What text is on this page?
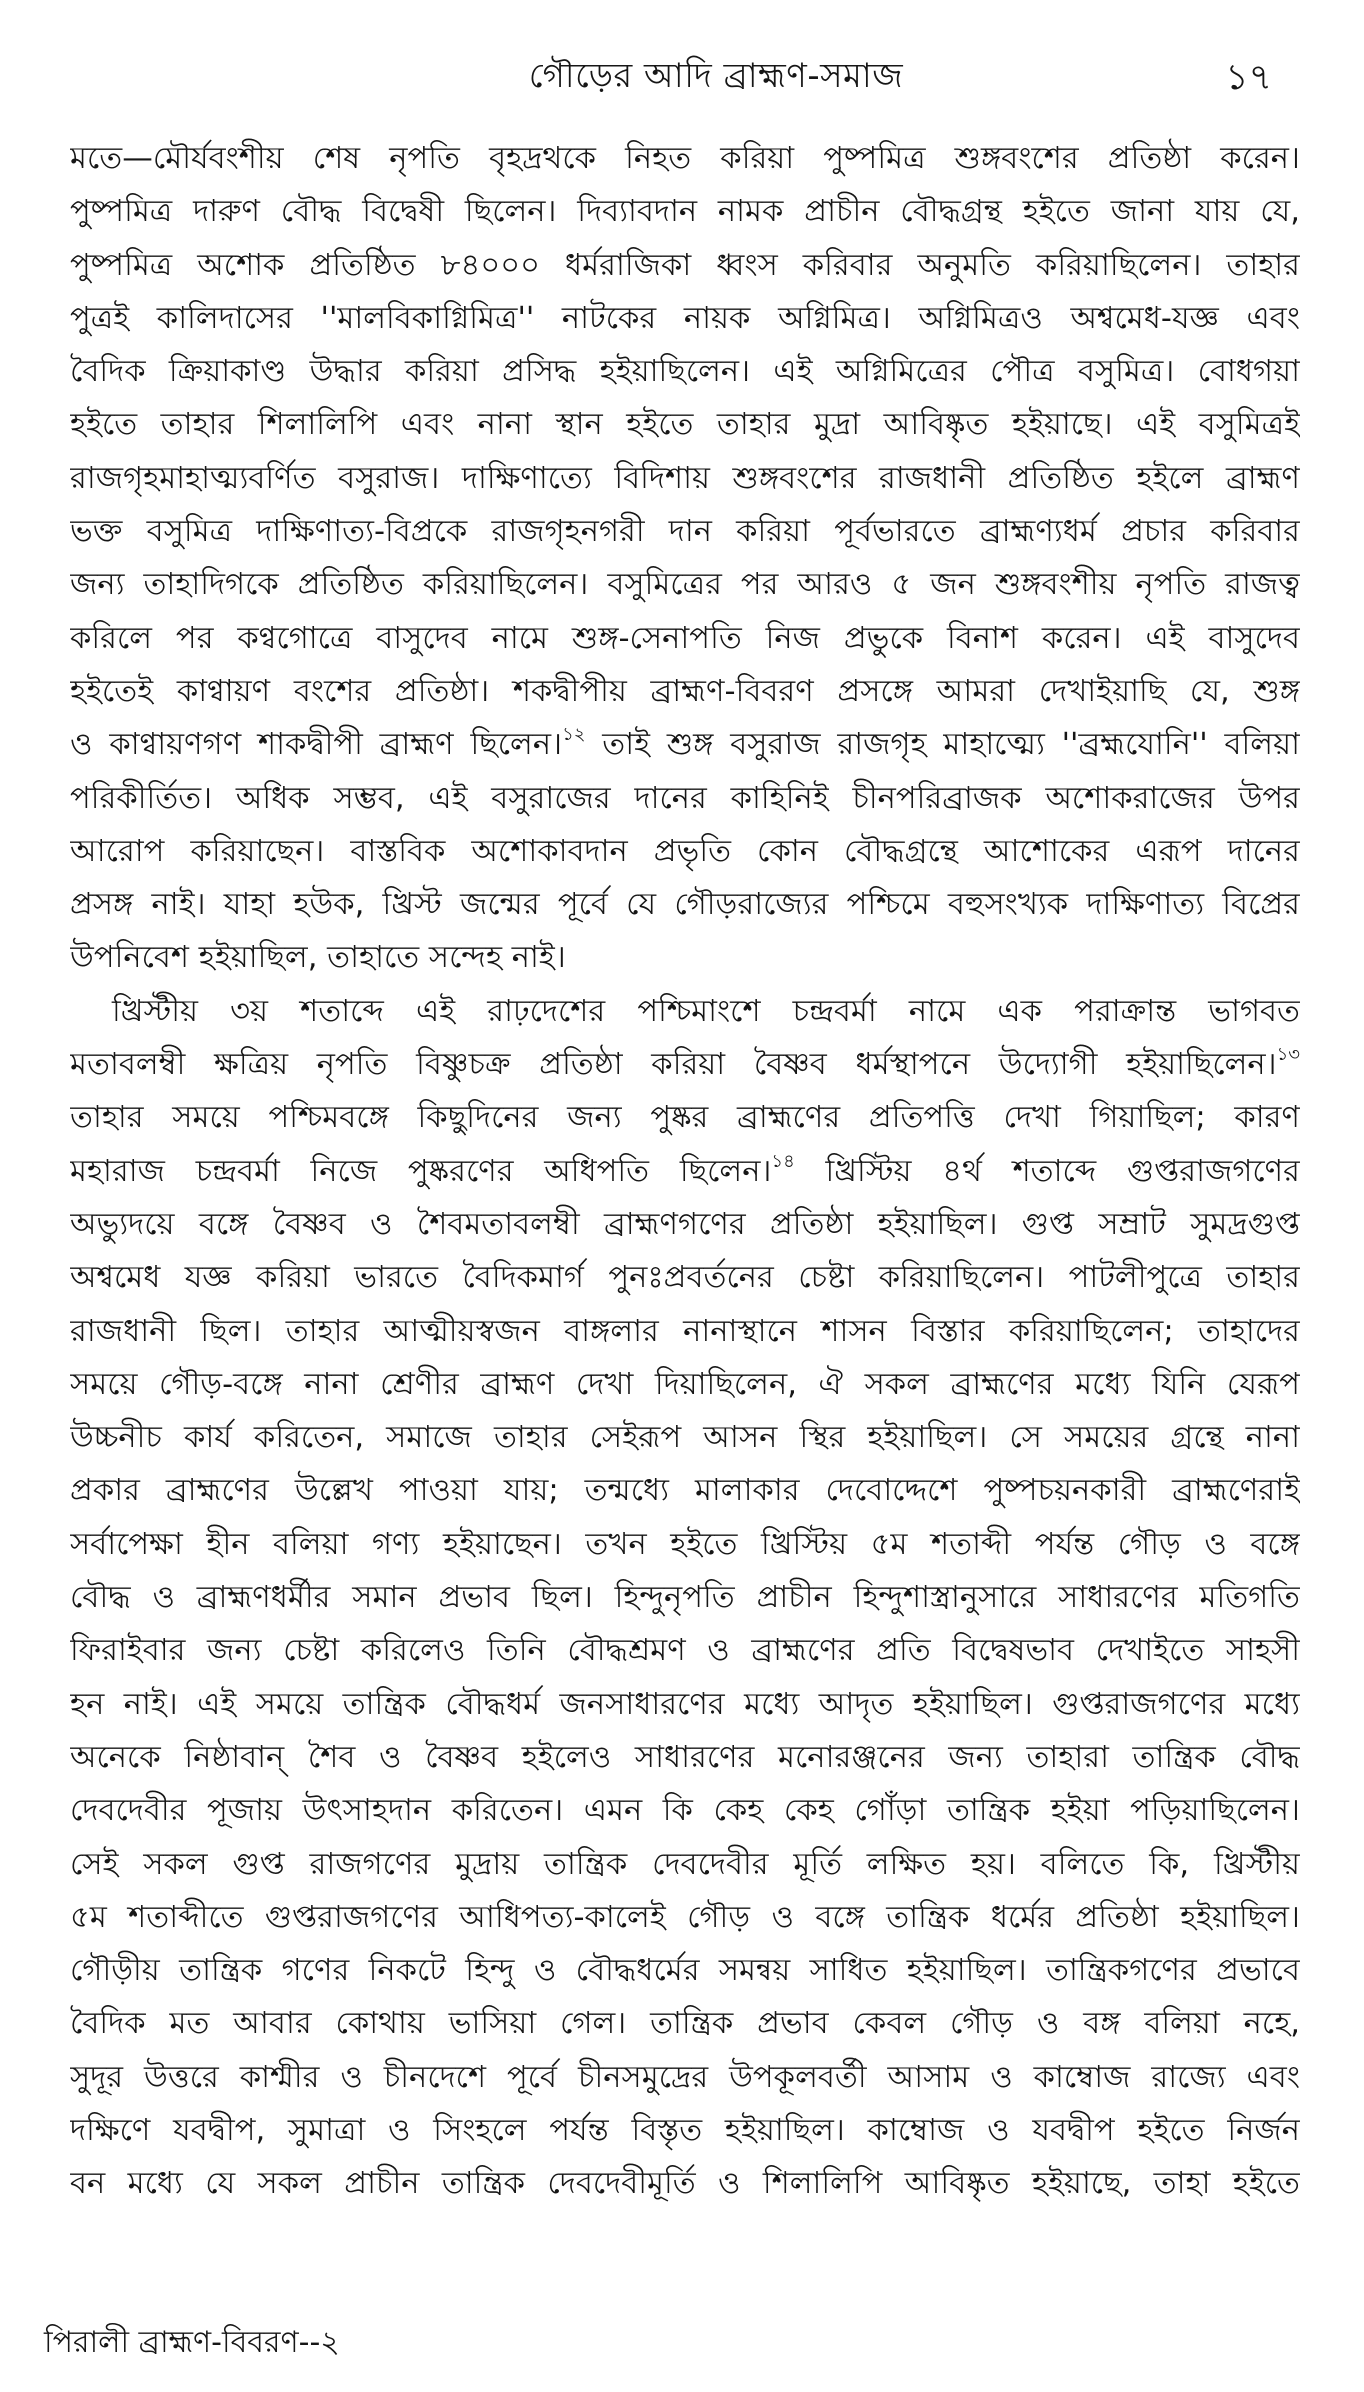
গৌড়ের আদি ব্রাহ্মণ-সমাজ	১৭
মতে—মৌর্যবংশীয় শেষ নৃপতি বৃহদ্রথকে নিহত করিয়া পুষ্পমিত্র শুঙ্গবংশের প্রতিষ্ঠা করেন।
পুষ্পমিত্র দারুণ বৌদ্ধ বিদ্বেষী ছিলেন। দিব্যাবদান নামক প্রাচীন বৌদ্ধগ্রন্থ হইতে জানা যায় যে,
পুষ্পমিত্র অশোক প্রতিষ্ঠিত ৮৪০০০ ধর্মরাজিকা ধ্বংস করিবার অনুমতি করিয়াছিলেন। তাহার
পুত্রই কালিদাসের ''মালবিকাগ্নিমিত্র'' নাটকের নায়ক অগ্নিমিত্র। অগ্নিমিত্রও অশ্বমেধ-যজ্ঞ এবং
বৈদিক ক্রিয়াকাণ্ড উদ্ধার করিয়া প্রসিদ্ধ হইয়াছিলেন। এই অগ্নিমিত্রের পৌত্র বসুমিত্র। বোধগয়া
হইতে তাহার শিলালিপি এবং নানা স্থান হইতে তাহার মুদ্রা আবিষ্কৃত হইয়াছে। এই বসুমিত্রই
রাজগৃহমাহাত্ম্যবর্ণিত বসুরাজ। দাক্ষিণাত্যে বিদিশায় শুঙ্গবংশের রাজধানী প্রতিষ্ঠিত হইলে ব্রাহ্মণ
ভক্ত বসুমিত্র দাক্ষিণাত্য-বিপ্রকে রাজগৃহনগরী দান করিয়া পূর্বভারতে ব্রাহ্মণ্যধর্ম প্রচার করিবার
জন্য তাহাদিগকে প্রতিষ্ঠিত করিয়াছিলেন। বসুমিত্রের পর আরও ৫ জন শুঙ্গবংশীয় নৃপতি রাজত্ব
করিলে পর কণ্বগোত্রে বাসুদেব নামে শুঙ্গ-সেনাপতি নিজ প্রভুকে বিনাশ করেন। এই বাসুদেব
হইতেই কাণ্বায়ণ বংশের প্রতিষ্ঠা। শকদ্বীপীয় ব্রাহ্মণ-বিবরণ প্রসঙ্গে আমরা দেখাইয়াছি যে, শুঙ্গ
ও কাণ্বায়ণগণ শাকদ্বীপী ব্রাহ্মণ ছিলেন।$^{১২}$ তাই শুঙ্গ বসুরাজ রাজগৃহ মাহাত্ম্যে ''ব্রহ্মযোনি'' বলিয়া
পরিকীর্তিত। অধিক সম্ভব, এই বসুরাজের দানের কাহিনিই চীনপরিব্রাজক অশোকরাজের উপর
আরোপ করিয়াছেন। বাস্তবিক অশোকাবদান প্রভৃতি কোন বৌদ্ধগ্রন্থে আশোকের এরূপ দানের
প্রসঙ্গ নাই। যাহা হউক, খ্রিস্ট জন্মের পূর্বে যে গৌড়রাজ্যের পশ্চিমে বহুসংখ্যক দাক্ষিণাত্য বিপ্রের
উপনিবেশ হইয়াছিল, তাহাতে সন্দেহ নাই।
খ্রিস্টীয় ৩য় শতাব্দে এই রাঢ়দেশের পশ্চিমাংশে চন্দ্রবর্মা নামে এক পরাক্রান্ত ভাগবত
মতাবলম্বী ক্ষত্রিয় নৃপতি বিষ্ণুচক্র প্রতিষ্ঠা করিয়া বৈষ্ণব ধর্মস্থাপনে উদ্যোগী হইয়াছিলেন।$^{১৩}$
তাহার সময়ে পশ্চিমবঙ্গে কিছুদিনের জন্য পুষ্কর ব্রাহ্মণের প্রতিপত্তি দেখা গিয়াছিল; কারণ
মহারাজ চন্দ্রবর্মা নিজে পুষ্করণের অধিপতি ছিলেন।$^{১৪}$ খ্রিস্টিয় ৪র্থ শতাব্দে গুপ্তরাজগণের
অভ্যুদয়ে বঙ্গে বৈষ্ণব ও শৈবমতাবলম্বী ব্রাহ্মণগণের প্রতিষ্ঠা হইয়াছিল। গুপ্ত সম্রাট সুমদ্রগুপ্ত
অশ্বমেধ যজ্ঞ করিয়া ভারতে বৈদিকমার্গ পুনঃপ্রবর্তনের চেষ্টা করিয়াছিলেন। পাটলীপুত্রে তাহার
রাজধানী ছিল। তাহার আত্মীয়স্বজন বাঙ্গলার নানাস্থানে শাসন বিস্তার করিয়াছিলেন; তাহাদের
সময়ে গৌড়-বঙ্গে নানা শ্রেণীর ব্রাহ্মণ দেখা দিয়াছিলেন, ঐ সকল ব্রাহ্মণের মধ্যে যিনি যেরূপ
উচ্চনীচ কার্য করিতেন, সমাজে তাহার সেইরূপ আসন স্থির হইয়াছিল। সে সময়ের গ্রন্থে নানা
প্রকার ব্রাহ্মণের উল্লেখ পাওয়া যায়; তন্মধ্যে মালাকার দেবোদ্দেশে পুষ্পচয়নকারী ব্রাহ্মণেরাই
সর্বাপেক্ষা হীন বলিয়া গণ্য হইয়াছেন। তখন হইতে খ্রিস্টিয় ৫ম শতাব্দী পর্যন্ত গৌড় ও বঙ্গে
বৌদ্ধ ও ব্রাহ্মণধর্মীর সমান প্রভাব ছিল। হিন্দুনৃপতি প্রাচীন হিন্দুশাস্ত্রানুসারে সাধারণের মতিগতি
ফিরাইবার জন্য চেষ্টা করিলেও তিনি বৌদ্ধশ্রমণ ও ব্রাহ্মণের প্রতি বিদ্বেষভাব দেখাইতে সাহসী
হন নাই। এই সময়ে তান্ত্রিক বৌদ্ধধর্ম জনসাধারণের মধ্যে আদৃত হইয়াছিল। গুপ্তরাজগণের মধ্যে
অনেকে নিষ্ঠাবান্ শৈব ও বৈষ্ণব হইলেও সাধারণের মনোরঞ্জনের জন্য তাহারা তান্ত্রিক বৌদ্ধ
দেবদেবীর পূজায় উৎসাহদান করিতেন। এমন কি কেহ কেহ গোঁড়া তান্ত্রিক হইয়া পড়িয়াছিলেন।
সেই সকল গুপ্ত রাজগণের মুদ্রায় তান্ত্রিক দেবদেবীর মূর্তি লক্ষিত হয়। বলিতে কি, খ্রিস্টীয়
৫ম শতাব্দীতে গুপ্তরাজগণের আধিপত্য-কালেই গৌড় ও বঙ্গে তান্ত্রিক ধর্মের প্রতিষ্ঠা হইয়াছিল।
গৌড়ীয় তান্ত্রিক গণের নিকটে হিন্দু ও বৌদ্ধধর্মের সমন্বয় সাধিত হইয়াছিল। তান্ত্রিকগণের প্রভাবে
বৈদিক মত আবার কোথায় ভাসিয়া গেল। তান্ত্রিক প্রভাব কেবল গৌড় ও বঙ্গ বলিয়া নহে,
সুদূর উত্তরে কাশ্মীর ও চীনদেশে পূর্বে চীনসমুদ্রের উপকূলবর্তী আসাম ও কাম্বোজ রাজ্যে এবং
দক্ষিণে যবদ্বীপ, সুমাত্রা ও সিংহলে পর্যন্ত বিস্তৃত হইয়াছিল। কাম্বোজ ও যবদ্বীপ হইতে নির্জন
বন মধ্যে যে সকল প্রাচীন তান্ত্রিক দেবদেবীমূর্তি ও শিলালিপি আবিষ্কৃত হইয়াছে, তাহা হইতে
পিরালী ব্রাহ্মণ-বিবরণ--২
